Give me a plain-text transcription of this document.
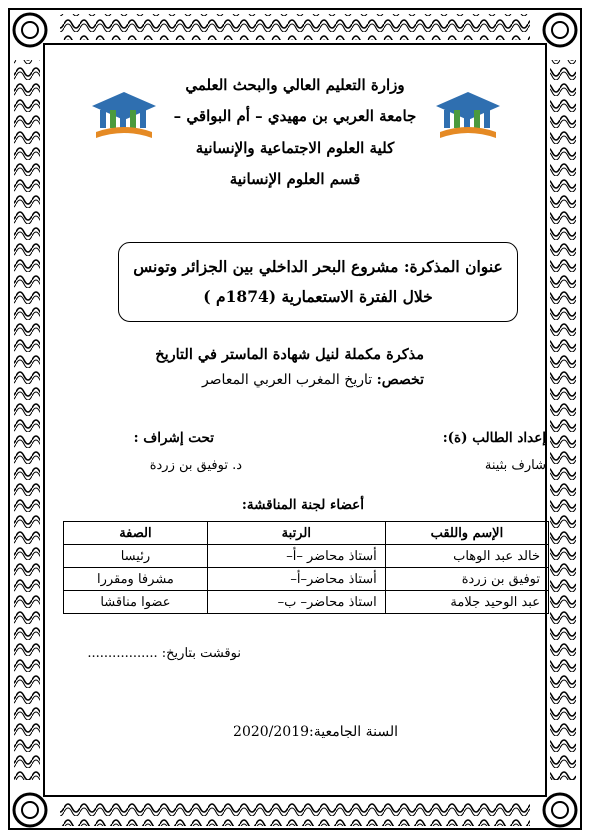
وزارة التعليم العالي والبحث العلمي
جامعة العربي بن مهيدي – أم البواقي –
كلية العلوم الاجتماعية والإنسانية
قسم العلوم الإنسانية
عنوان المذكرة: مشروع البحر الداخلي بين الجزائر وتونس
خلال الفترة الاستعمارية (1874م )
مذكرة مكملة لنيل شهادة الماستر في التاريخ
تخصص: تاريخ المغرب العربي المعاصر
إعداد الطالب (ة):
شارف بثينة
تحت إشراف :
د. توفيق بن زردة
أعضاء لجنة المناقشة:
الإسم واللقب	الرتبة	الصفة
خالد عبد الوهاب	أستاذ محاضر –أ–	رئيسا
توفيق بن زردة	أستاذ محاضر–أ–	مشرفا ومقررا
عبد الوحيد جلامة	استاذ محاضر– ب–	عضوا مناقشا
نوقشت بتاريخ: .................
السنة الجامعية:2020/2019
